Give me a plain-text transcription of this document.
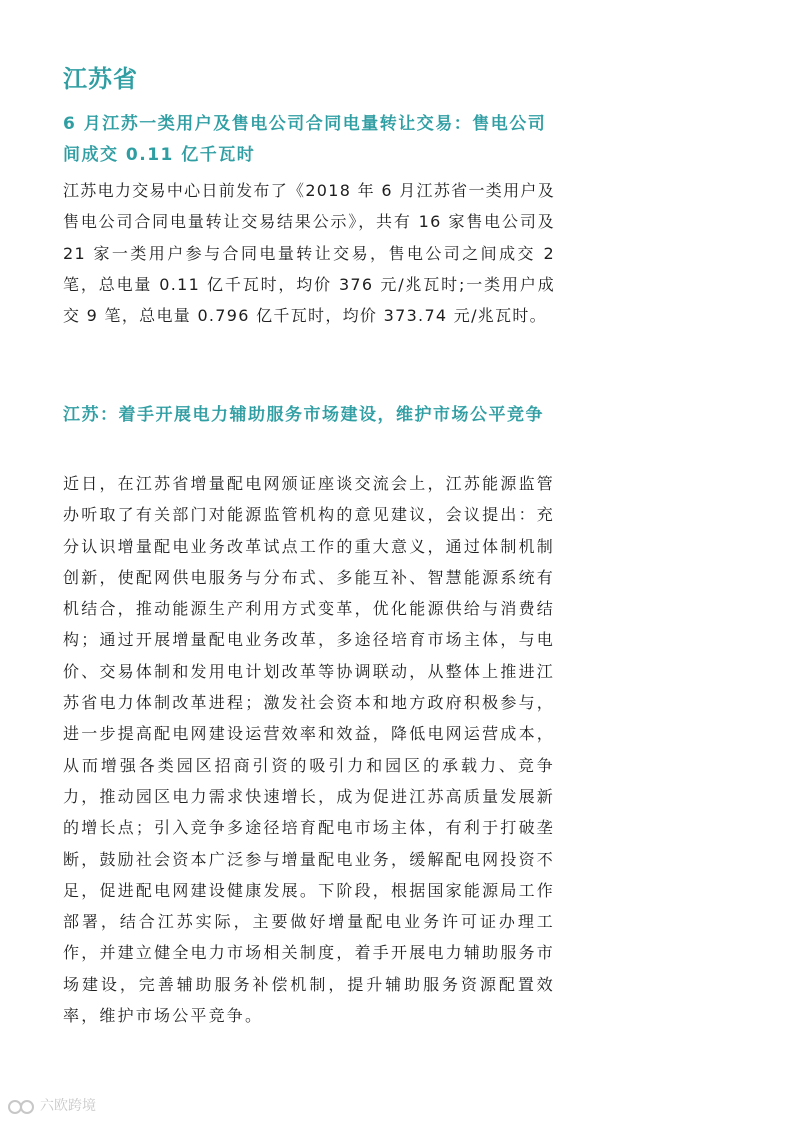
江苏省
6 月江苏一类用户及售电公司合同电量转让交易：售电公司间成交 0.11 亿千瓦时
江苏电力交易中心日前发布了《2018 年 6 月江苏省一类用户及售电公司合同电量转让交易结果公示》，共有 16 家售电公司及 21 家一类用户参与合同电量转让交易，售电公司之间成交 2 笔，总电量 0.11 亿千瓦时，均价 376 元/兆瓦时;一类用户成交 9 笔，总电量 0.796 亿千瓦时，均价 373.74 元/兆瓦时。
江苏：着手开展电力辅助服务市场建设，维护市场公平竞争
近日，在江苏省增量配电网颁证座谈交流会上，江苏能源监管办听取了有关部门对能源监管机构的意见建议，会议提出：充分认识增量配电业务改革试点工作的重大意义，通过体制机制创新，使配网供电服务与分布式、多能互补、智慧能源系统有机结合，推动能源生产利用方式变革，优化能源供给与消费结构；通过开展增量配电业务改革，多途径培育市场主体，与电价、交易体制和发用电计划改革等协调联动，从整体上推进江苏省电力体制改革进程；激发社会资本和地方政府积极参与，进一步提高配电网建设运营效率和效益，降低电网运营成本，从而增强各类园区招商引资的吸引力和园区的承载力、竞争力，推动园区电力需求快速增长，成为促进江苏高质量发展新的增长点；引入竞争多途径培育配电市场主体，有利于打破垄断，鼓励社会资本广泛参与增量配电业务，缓解配电网投资不足，促进配电网建设健康发展。下阶段，根据国家能源局工作部署，结合江苏实际，主要做好增量配电业务许可证办理工作，并建立健全电力市场相关制度，着手开展电力辅助服务市场建设，完善辅助服务补偿机制，提升辅助服务资源配置效率，维护市场公平竞争。
六欧跨境
